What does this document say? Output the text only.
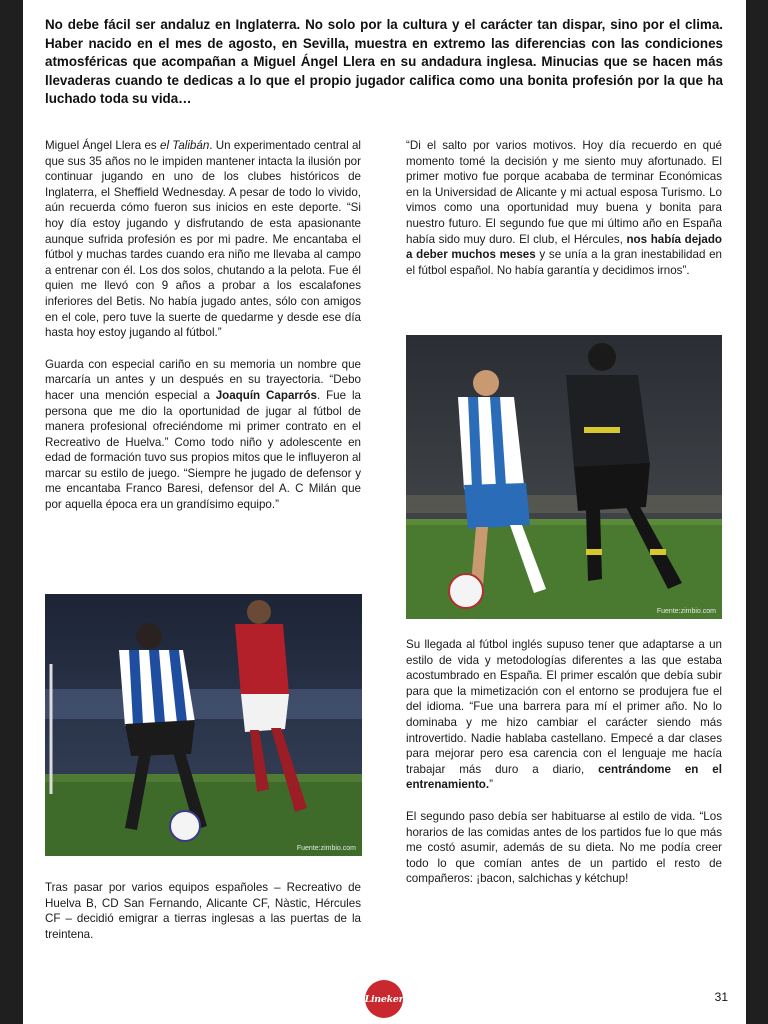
No debe fácil ser andaluz en Inglaterra. No solo por la cultura y el carácter tan dispar, sino por el clima. Haber nacido en el mes de agosto, en Sevilla, muestra en extremo las diferencias con las condiciones atmosféricas que acompañan a Miguel Ángel Llera en su andadura inglesa. Minucias que se hacen más llevaderas cuando te dedicas a lo que el propio jugador califica como una bonita profesión por la que ha luchado toda su vida…

Miguel Ángel Llera es el Talibán. Un experimentado central al que sus 35 años no le impiden mantener intacta la ilusión por continuar jugando en uno de los clubes históricos de Inglaterra, el Sheffield Wednesday. A pesar de todo lo vivido, aún recuerda cómo fueron sus inicios en este deporte. “Si hoy día estoy jugando y disfrutando de esta apasionante aunque sufrida profesión es por mi padre. Me encantaba el fútbol y muchas tardes cuando era niño me llevaba al campo a entrenar con él. Los dos solos, chutando a la pelota. Fue él quien me llevó con 9 años a probar a los escalafones inferiores del Betis. No había jugado antes, sólo con amigos en el cole, pero tuve la suerte de quedarme y desde ese día hasta hoy estoy jugando al fútbol.”

Guarda con especial cariño en su memoria un nombre que marcaría un antes y un después en su trayectoria. “Debo hacer una mención especial a Joaquín Caparrós. Fue la persona que me dio la oportunidad de jugar al fútbol de manera profesional ofreciéndome mi primer contrato en el Recreativo de Huelva.” Como todo niño y adolescente en edad de formación tuvo sus propios mitos que le influyeron al marcar su estilo de juego. “Siempre he jugado de defensor y me encantaba Franco Baresi, defensor del A. C Milán que por aquella época era un grandísimo equipo.”

Fuente:zimbio.com

Tras pasar por varios equipos españoles – Recreativo de Huelva B, CD San Fernando, Alicante CF, Nàstic, Hércules CF – decidió emigrar a tierras inglesas a las puertas de la treintena.

“Di el salto por varios motivos. Hoy día recuerdo en qué momento tomé la decisión y me siento muy afortunado. El primer motivo fue porque acababa de terminar Económicas en la Universidad de Alicante y mi actual esposa Turismo. Lo vimos como una oportunidad muy buena y bonita para nuestro futuro. El segundo fue que mi último año en España había sido muy duro. El club, el Hércules, nos había dejado a deber muchos meses y se unía a la gran inestabilidad en el fútbol español. No había garantía y decidimos irnos”.

Fuente:zimbio.com

Su llegada al fútbol inglés supuso tener que adaptarse a un estilo de vida y metodologías diferentes a las que estaba acostumbrado en España. El primer escalón que debía subir para que la mimetización con el entorno se produjera fue el del idioma. “Fue una barrera para mí el primer año. No lo dominaba y me hizo cambiar el carácter siendo más introvertido. Nadie hablaba castellano. Empecé a dar clases para mejorar pero esa carencia con el lenguaje me hacía trabajar más duro a diario, centrándome en el entrenamiento.”

El segundo paso debía ser habituarse al estilo de vida. “Los horarios de las comidas antes de los partidos fue lo que más me costó asumir, además de su dieta. No me podía creer todo lo que comían antes de un partido el resto de compañeros: ¡bacon, salchichas y kétchup!

Lineker	31
